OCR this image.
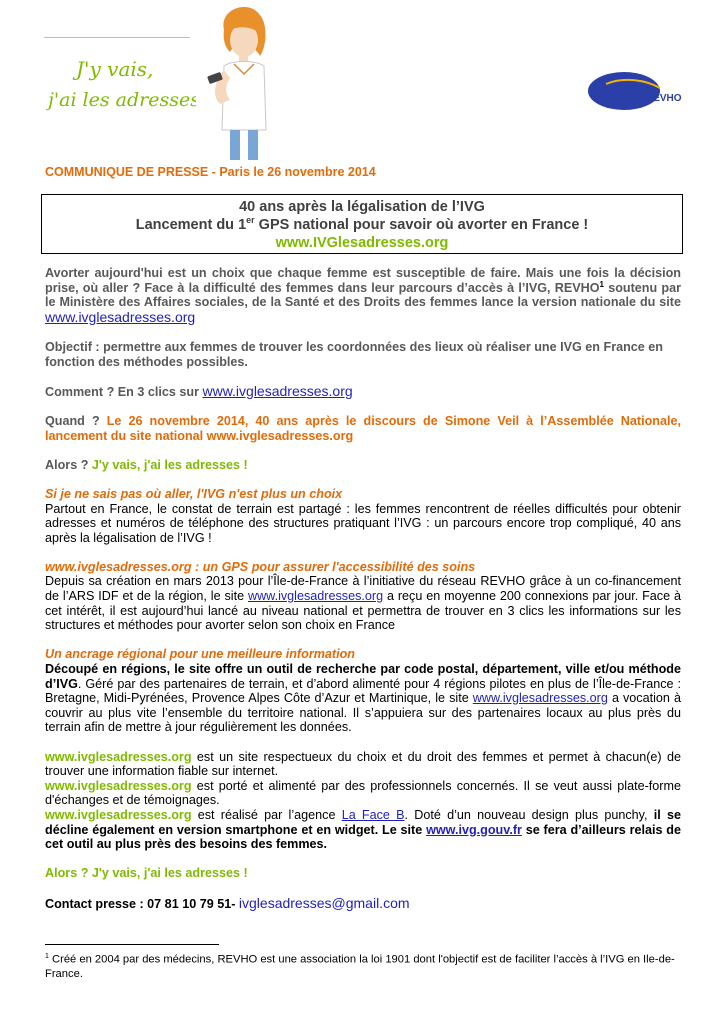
J'y vais,
j'ai les adresses	REVHO
COMMUNIQUE DE PRESSE - Paris le 26 novembre 2014
40 ans après la légalisation de l’IVG
Lancement du 1er GPS national pour savoir où avorter en France !
www.IVGlesadresses.org
Avorter aujourd'hui est un choix que chaque femme est susceptible de faire. Mais une fois la décision prise, où aller ? Face à la difficulté des femmes dans leur parcours d’accès à l’IVG, REVHO$^1$ soutenu par le Ministère des Affaires sociales, de la Santé et des Droits des femmes lance la version nationale du site www.ivglesadresses.org
Objectif : permettre aux femmes de trouver les coordonnées des lieux où réaliser une IVG en France en fonction des méthodes possibles.
Comment ? En 3 clics sur www.ivglesadresses.org
Quand ? Le 26 novembre 2014, 40 ans après le discours de Simone Veil à l’Assemblée Nationale, lancement du site national www.ivglesadresses.org
Alors ? J'y vais, j'ai les adresses !
Si je ne sais pas où aller, l'IVG n'est plus un choix
Partout en France, le constat de terrain est partagé : les femmes rencontrent de réelles difficultés pour obtenir adresses et numéros de téléphone des structures pratiquant l’IVG : un parcours encore trop compliqué, 40 ans après la légalisation de l’IVG !
www.ivglesadresses.org : un GPS pour assurer l'accessibilité des soins
Depuis sa création en mars 2013 pour l’Île-de-France à l’initiative du réseau REVHO grâce à un co-financement de l’ARS IDF et de la région, le site www.ivglesadresses.org a reçu en moyenne 200 connexions par jour. Face à cet intérêt, il est aujourd’hui lancé au niveau national et permettra de trouver en 3 clics les informations sur les structures et méthodes pour avorter selon son choix en France
Un ancrage régional pour une meilleure information
Découpé en régions, le site offre un outil de recherche par code postal, département, ville et/ou méthode d’IVG. Géré par des partenaires de terrain, et d’abord alimenté pour 4 régions pilotes en plus de l’Île-de-France : Bretagne, Midi-Pyrénées, Provence Alpes Côte d’Azur et Martinique, le site www.ivglesadresses.org a vocation à couvrir au plus vite l’ensemble du territoire national. Il s’appuiera sur des partenaires locaux au plus près du terrain afin de mettre à jour régulièrement les données.
www.ivglesadresses.org est un site respectueux du choix et du droit des femmes et permet à chacun(e) de trouver une information fiable sur internet.
www.ivglesadresses.org est porté et alimenté par des professionnels concernés. Il se veut aussi plate-forme d'échanges et de témoignages.
www.ivglesadresses.org est réalisé par l’agence La Face B. Doté d’un nouveau design plus punchy, il se décline également en version smartphone et en widget. Le site www.ivg.gouv.fr se fera d’ailleurs relais de cet outil au plus près des besoins des femmes.
Alors ? J'y vais, j'ai les adresses !
Contact presse : 07 81 10 79 51- ivglesadresses@gmail.com
$^1$ Créé en 2004 par des médecins, REVHO est une association la loi 1901 dont l'objectif est de faciliter l’accès à l’IVG en Ile-de-France.
